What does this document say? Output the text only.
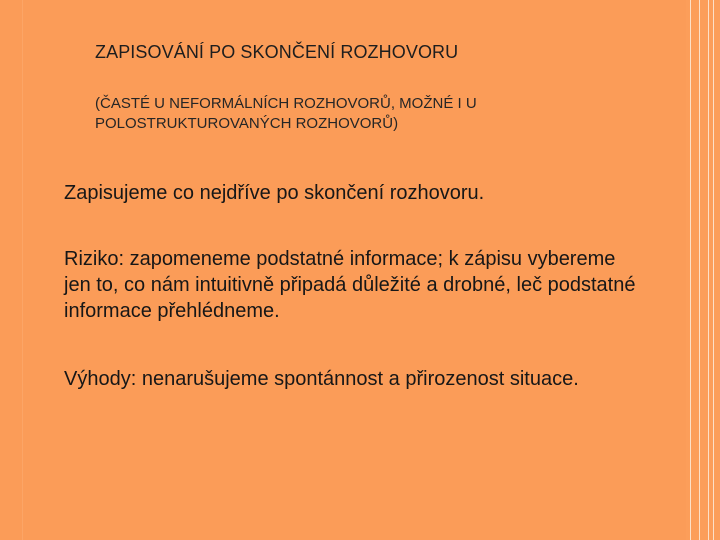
ZAPISOVÁNÍ PO SKONČENÍ ROZHOVORU

(ČASTÉ U NEFORMÁLNÍCH ROZHOVORŮ, MOŽNÉ I U POLOSTRUKTUROVANÝCH ROZHOVORŮ)

Zapisujeme co nejdříve po skončení rozhovoru.

Riziko: zapomeneme podstatné informace; k zápisu vybereme jen to, co nám intuitivně připadá důležité a drobné, leč podstatné informace přehlédneme.

Výhody: nenarušujeme spontánnost a přirozenost situace.
